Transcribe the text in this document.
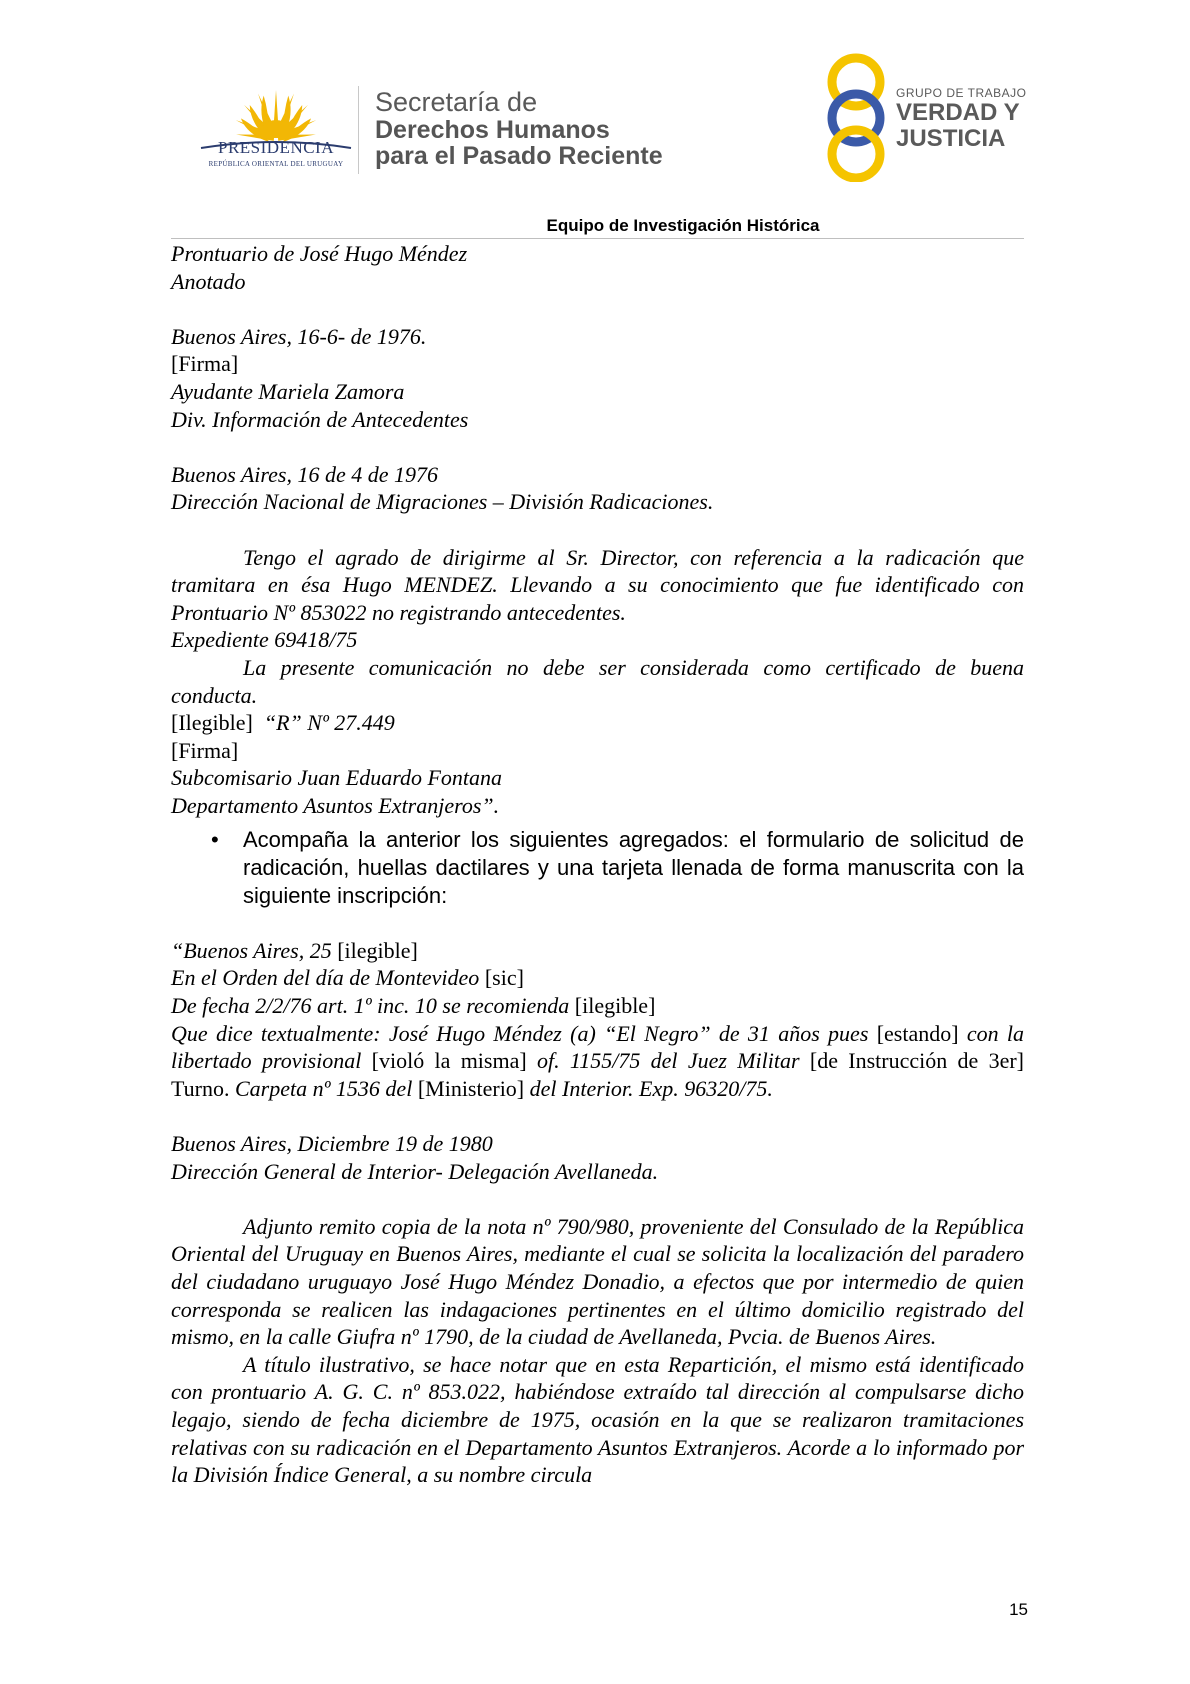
PRESIDENCIA
REPÚBLICA ORIENTAL DEL URUGUAY
Secretaría de
Derechos Humanos
para el Pasado Reciente
GRUPO DE TRABAJO
VERDAD Y
JUSTICIA
Equipo de Investigación Histórica

Prontuario de José Hugo Méndez

Anotado

Buenos Aires, 16-6- de 1976.

[Firma]

Ayudante Mariela Zamora

Div. Información de Antecedentes

Buenos Aires, 16 de 4 de 1976

Dirección Nacional de Migraciones – División Radicaciones.

Tengo el agrado de dirigirme al Sr. Director, con referencia a la radicación que tramitara en ésa Hugo MENDEZ. Llevando a su conocimiento que fue identificado con Prontuario Nº 853022 no registrando antecedentes.

Expediente 69418/75

La presente comunicación no debe ser considerada como certificado de buena conducta.

[Ilegible] “R” Nº 27.449

[Firma]

Subcomisario Juan Eduardo Fontana

Departamento Asuntos Extranjeros”.

• Acompaña la anterior los siguientes agregados: el formulario de solicitud de radicación, huellas dactilares y una tarjeta llenada de forma manuscrita con la siguiente inscripción:

“Buenos Aires, 25 [ilegible]

En el Orden del día de Montevideo [sic]

De fecha 2/2/76 art. 1º inc. 10 se recomienda [ilegible]

Que dice textualmente: José Hugo Méndez (a) “El Negro” de 31 años pues [estando] con la libertado provisional [violó la misma] of. 1155/75 del Juez Militar [de Instrucción de 3er] Turno. Carpeta nº 1536 del [Ministerio] del Interior. Exp. 96320/75.

Buenos Aires, Diciembre 19 de 1980

Dirección General de Interior- Delegación Avellaneda.

Adjunto remito copia de la nota nº 790/980, proveniente del Consulado de la República Oriental del Uruguay en Buenos Aires, mediante el cual se solicita la localización del paradero del ciudadano uruguayo José Hugo Méndez Donadio, a efectos que por intermedio de quien corresponda se realicen las indagaciones pertinentes en el último domicilio registrado del mismo, en la calle Giufra nº 1790, de la ciudad de Avellaneda, Pvcia. de Buenos Aires.

A título ilustrativo, se hace notar que en esta Repartición, el mismo está identificado con prontuario A. G. C. nº 853.022, habiéndose extraído tal dirección al compulsarse dicho legajo, siendo de fecha diciembre de 1975, ocasión en la que se realizaron tramitaciones relativas con su radicación en el Departamento Asuntos Extranjeros. Acorde a lo informado por la División Índice General, a su nombre circula

15
